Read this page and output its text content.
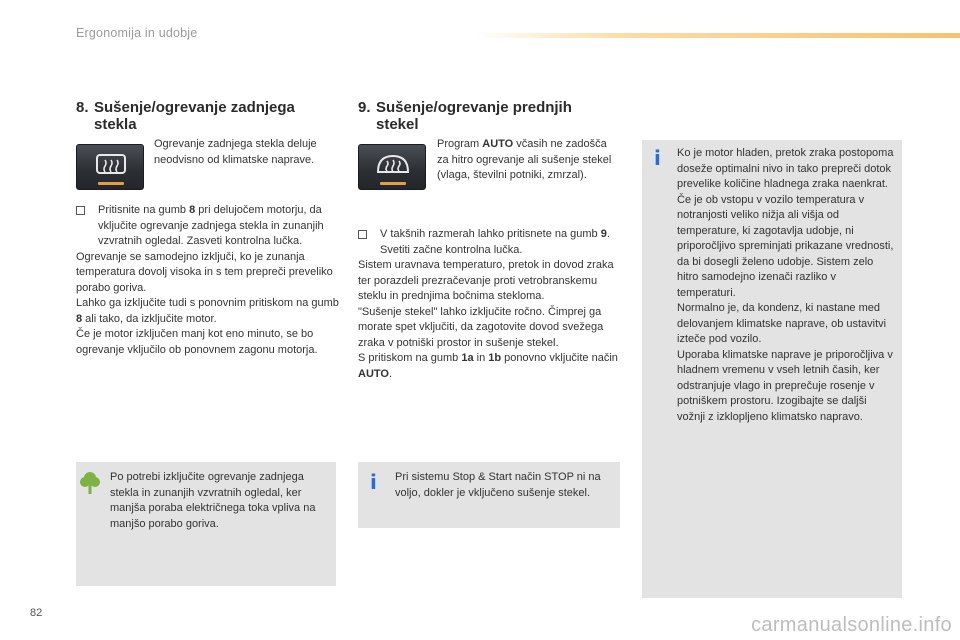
Ergonomija in udobje
8. Sušenje/ogrevanje zadnjega
stekla
Ogrevanje zadnjega stekla deluje neodvisno od klimatske naprave.
Pritisnite na gumb 8 pri delujočem motorju, da vključite ogrevanje zadnjega stekla in zunanjih vzvratnih ogledal. Zasveti kontrolna lučka.
Ogrevanje se samodejno izključi, ko je zunanja temperatura dovolj visoka in s tem prepreči preveliko porabo goriva.
Lahko ga izključite tudi s ponovnim pritiskom na gumb 8 ali tako, da izključite motor.
Če je motor izključen manj kot eno minuto, se bo ogrevanje vključilo ob ponovnem zagonu motorja.
Po potrebi izključite ogrevanje zadnjega stekla in zunanjih vzvratnih ogledal, ker manjša poraba električnega toka vpliva na manjšo porabo goriva.
9. Sušenje/ogrevanje prednjih
stekel
Program AUTO včasih ne zadošča za hitro ogrevanje ali sušenje stekel (vlaga, številni potniki, zmrzal).
V takšnih razmerah lahko pritisnete na gumb 9. Svetiti začne kontrolna lučka.
Sistem uravnava temperaturo, pretok in dovod zraka ter porazdeli prezračevanje proti vetrobranskemu steklu in prednjima bočnima stekloma.
"Sušenje stekel" lahko izključite ročno. Čimprej ga morate spet vključiti, da zagotovite dovod svežega zraka v potniški prostor in sušenje stekel.
S pritiskom na gumb 1a in 1b ponovno vključite način AUTO.
i Pri sistemu Stop & Start način STOP ni na voljo, dokler je vključeno sušenje stekel.
i Ko je motor hladen, pretok zraka postopoma doseže optimalni nivo in tako prepreči dotok prevelike količine hladnega zraka naenkrat.
Če je ob vstopu v vozilo temperatura v notranjosti veliko nižja ali višja od temperature, ki zagotavlja udobje, ni priporočljivo spreminjati prikazane vrednosti, da bi dosegli želeno udobje. Sistem zelo hitro samodejno izenači razliko v temperaturi.
Normalno je, da kondenz, ki nastane med delovanjem klimatske naprave, ob ustavitvi izteče pod vozilo.
Uporaba klimatske naprave je priporočljiva v hladnem vremenu v vseh letnih časih, ker odstranjuje vlago in preprečuje rosenje v potniškem prostoru. Izogibajte se daljši vožnji z izklopljeno klimatsko napravo.
82
carmanualsonline.info
